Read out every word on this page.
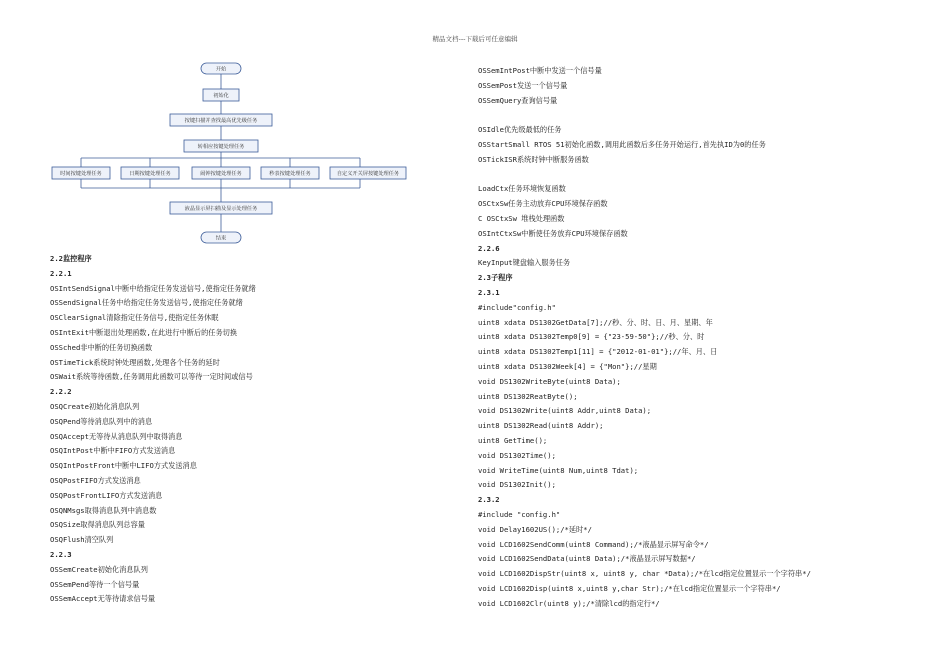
精品文档---下载后可任意编辑
开始
初始化
按键扫描并查找最高优先级任务
转相应按键处理任务
时间按键处理任务	日期按键处理任务	闹钟按键处理任务	秒表按键处理任务	自定义开关屏按键处理任务
液晶显示屏扫描及显示处理任务
结束
2.2监控程序
2.2.1
OSIntSendSignal中断中给指定任务发送信号,使指定任务就绪
OSSendSignal任务中给指定任务发送信号,使指定任务就绪
OSClearSignal清除指定任务信号,使指定任务休眠
OSIntExit中断退出处理函数,在此进行中断后的任务切换
OSSched非中断的任务切换函数
OSTimeTick系统时钟处理函数,处理各个任务的延时
OSWait系统等待函数,任务调用此函数可以等待一定时间或信号
2.2.2
OSQCreate初始化消息队列
OSQPend等待消息队列中的消息
OSQAccept无等待从消息队列中取得消息
OSQIntPost中断中FIFO方式发送消息
OSQIntPostFront中断中LIFO方式发送消息
OSQPostFIFO方式发送消息
OSQPostFrontLIFO方式发送消息
OSQNMsgs取得消息队列中消息数
OSQSize取得消息队列总容量
OSQFlush清空队列
2.2.3
OSSemCreate初始化消息队列
OSSemPend等待一个信号量
OSSemAccept无等待请求信号量
OSSemIntPost中断中发送一个信号量
OSSemPost发送一个信号量
OSSemQuery查询信号量
OSIdle优先级最低的任务
OSStartSmall RTOS 51初始化函数,调用此函数后多任务开始运行,首先执ID为0的任务
OSTickISR系统时钟中断服务函数
LoadCtx任务环境恢复函数
OSCtxSw任务主动放弃CPU环境保存函数
C OSCtxSw 堆栈处理函数
OSIntCtxSw中断使任务放弃CPU环境保存函数
2.2.6
KeyInput键盘输入服务任务
2.3子程序
2.3.1
#include"config.h"
uint8 xdata DS1302GetData[7];//秒、分、时、日、月、星期、年
uint8 xdata DS1302Temp0[9] = {"23-59-50"};//秒、分、时
uint8 xdata DS1302Temp1[11] = {"2012-01-01"};//年、月、日
uint8 xdata DS1302Week[4] = {"Mon"};//星期
void DS1302WriteByte(uint8 Data);
uint8 DS1302ReatByte();
void DS1302Write(uint8 Addr,uint8 Data);
uint8 DS1302Read(uint8 Addr);
uint8 GetTime();
void DS1302Time();
void WriteTime(uint8 Num,uint8 Tdat);
void DS1302Init();
2.3.2
#include "config.h"
void Delay1602US();/*延时*/
void LCD1602SendComm(uint8 Command);/*液晶显示屏写命令*/
void LCD1602SendData(uint8 Data);/*液晶显示屏写数据*/
void LCD1602DispStr(uint8 x, uint8 y, char *Data);/*在lcd指定位置显示一个字符串*/
void LCD1602Disp(uint8 x,uint8 y,char Str);/*在lcd指定位置显示一个字符串*/
void LCD1602Clr(uint8 y);/*清除lcd的指定行*/
